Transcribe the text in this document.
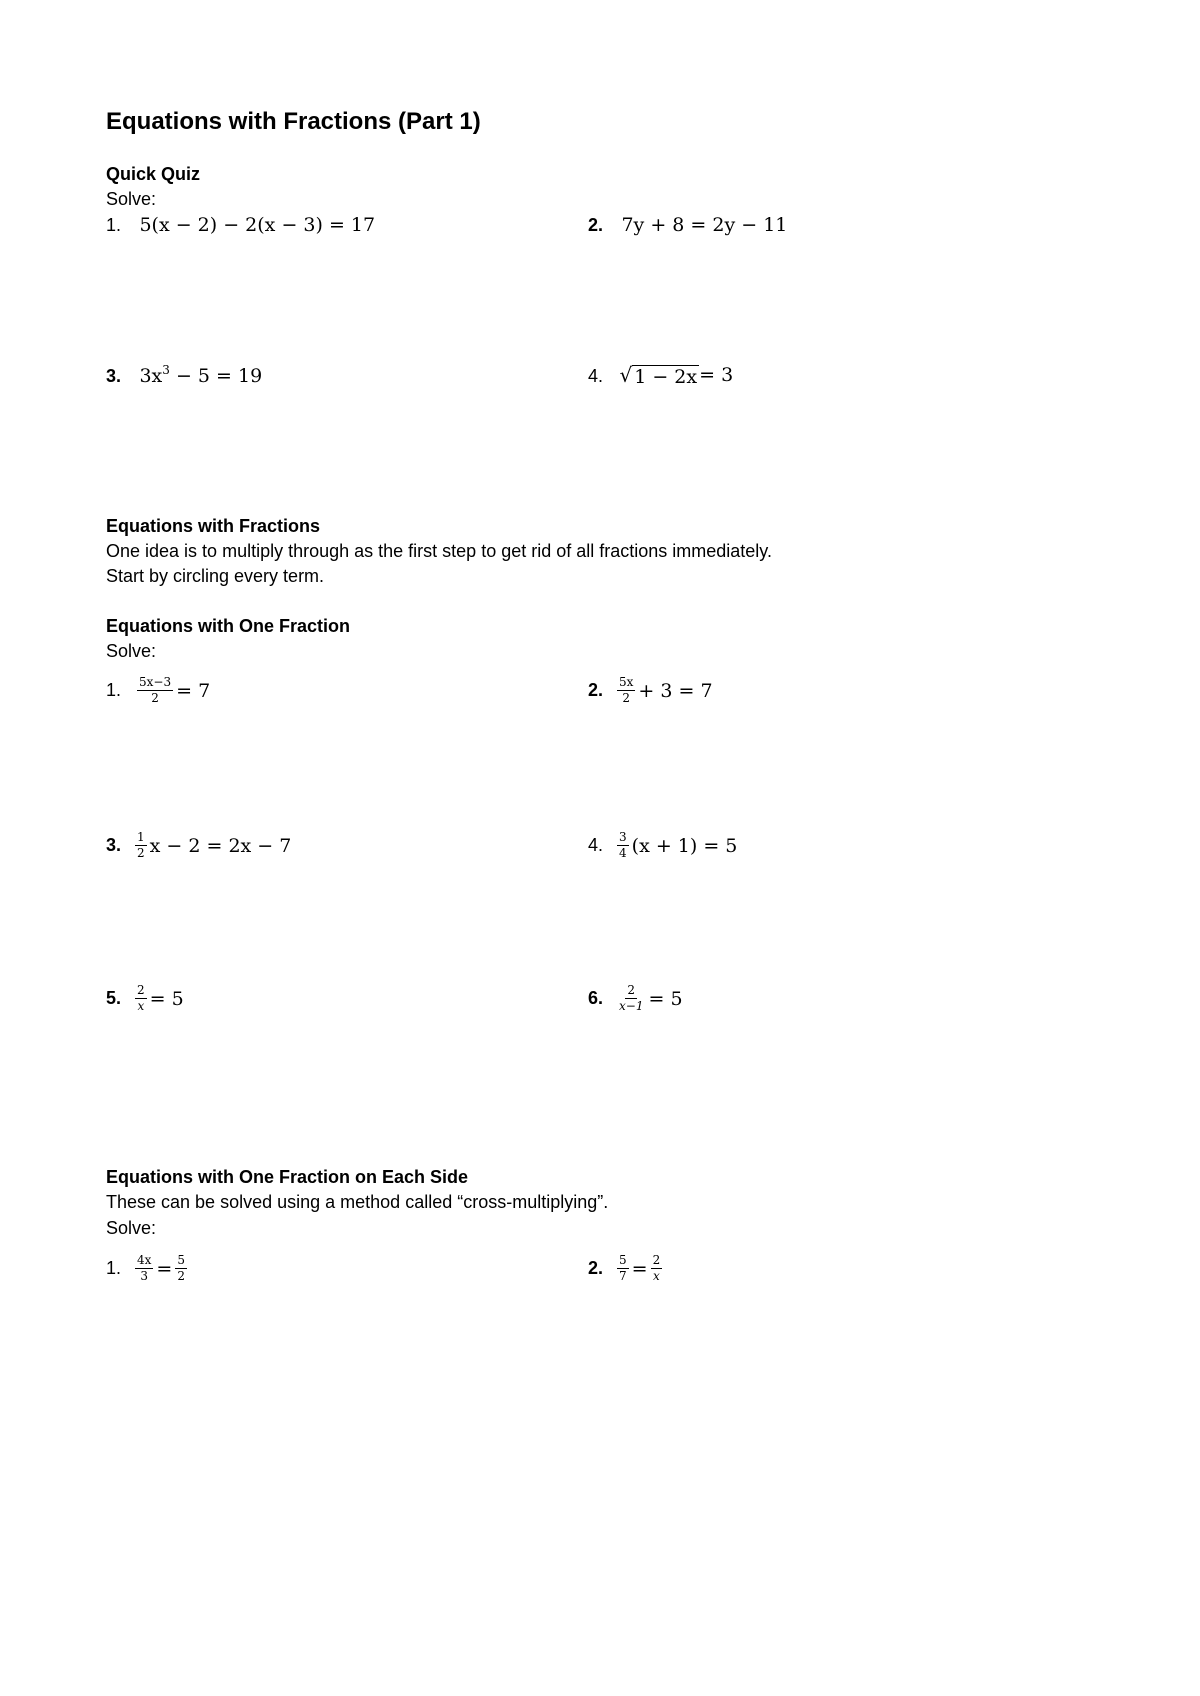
Equations with Fractions (Part 1)
Quick Quiz
Solve:
1. 5(x − 2) − 2(x − 3) = 17	2. 7y + 8 = 2y − 11
3. $3x^3 - 5 = 19$	4. √ 1 − 2x = 3
Equations with Fractions
One idea is to multiply through as the first step to get rid of all fractions immediately.
Start by circling every term.
Equations with One Fraction
Solve:
1. $\frac{5x-3}{2} = 7$	2. $\frac{5x}{2} + 3 = 7$
3. $\frac{1}{2}$ x − 2 = 2x − 7	4. $\frac{3}{4} (x + 1) = 5$
5. $\frac{2}{x} = 5$	6. $\frac{2}{x-1} = 5$
Equations with One Fraction on Each Side
These can be solved using a method called “cross-multiplying”.
Solve:
1. $\frac{4x}{3} = \frac{5}{2}$	2. $\frac{5}{7} = \frac{2}{x}$
